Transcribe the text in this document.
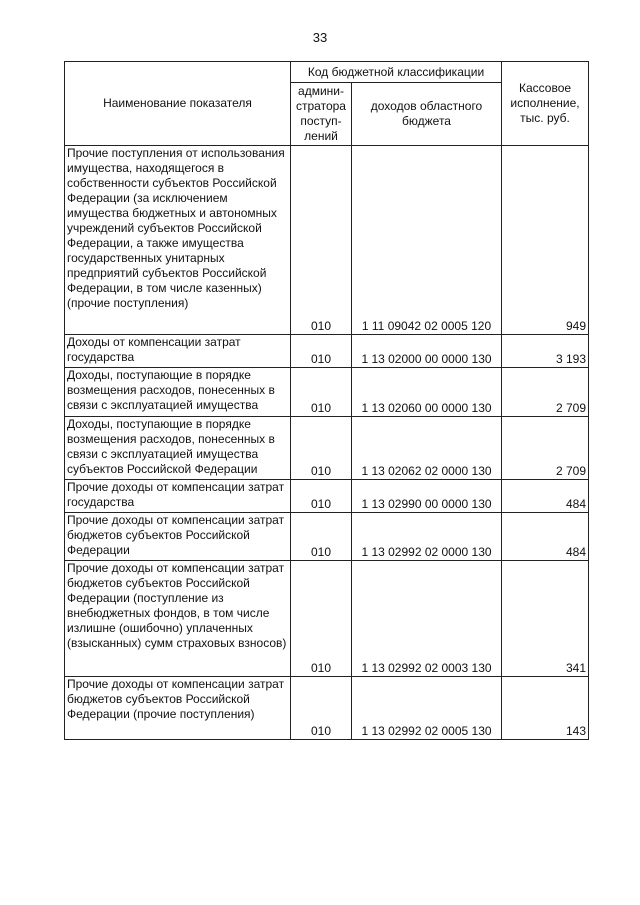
33
Наименование показателя	Код бюджетной классификации		Кассовое исполнение, тыс. руб.
	админи-стратора поступ-лений	доходов областного бюджета	
Прочие поступления от использования имущества, находящегося в собственности субъектов Российской Федерации (за исключением имущества бюджетных и автономных учреждений субъектов Российской Федерации, а также имущества государственных унитарных предприятий субъектов Российской Федерации, в том числе казенных) (прочие поступления)	010	1 11 09042 02 0005 120	949
Доходы от компенсации затрат государства	010	1 13 02000 00 0000 130	3 193
Доходы, поступающие в порядке возмещения расходов, понесенных в связи с эксплуатацией имущества	010	1 13 02060 00 0000 130	2 709
Доходы, поступающие в порядке возмещения расходов, понесенных в связи с эксплуатацией имущества субъектов Российской Федерации	010	1 13 02062 02 0000 130	2 709
Прочие доходы от компенсации затрат государства	010	1 13 02990 00 0000 130	484
Прочие доходы от компенсации затрат бюджетов субъектов Российской Федерации	010	1 13 02992 02 0000 130	484
Прочие доходы от компенсации затрат бюджетов субъектов Российской Федерации (поступление из внебюджетных фондов, в том числе излишне (ошибочно) уплаченных (взысканных) сумм страховых взносов)	010	1 13 02992 02 0003 130	341
Прочие доходы от компенсации затрат бюджетов субъектов Российской Федерации (прочие поступления)	010	1 13 02992 02 0005 130	143
